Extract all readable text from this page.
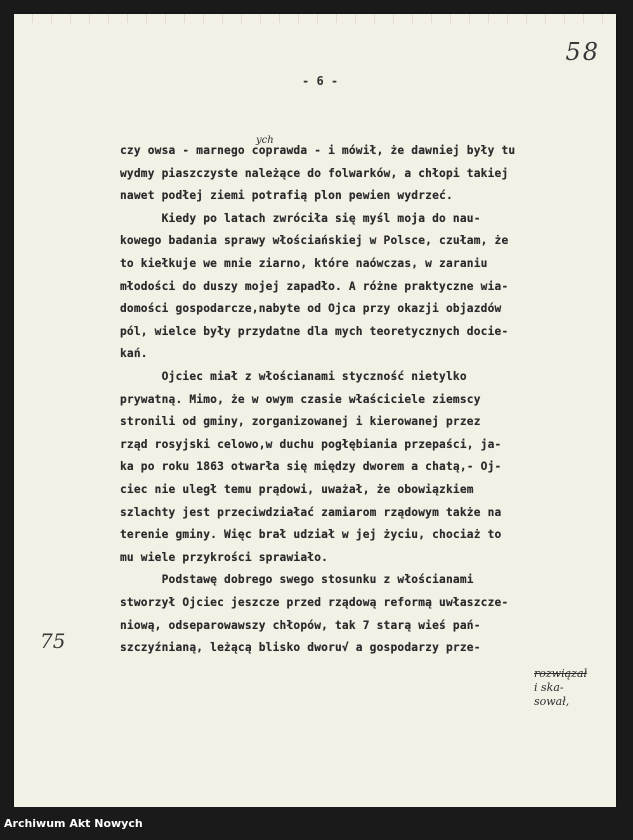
58
- 6 -
ych

czy owsa - marnego coprawda - i mówił, że dawniej były tu

wydmy piaszczyste należące do folwarków, a chłopi takiej

nawet podłej ziemi potrafią plon pewien wydrzeć.

Kiedy po latach zwróciła się myśl moja do nau-

kowego badania sprawy włościańskiej w Polsce, czułam, że

to kiełkuje we mnie ziarno, które naówczas, w zaraniu

młodości do duszy mojej zapadło. A różne praktyczne wia-

domości gospodarcze,nabyte od Ojca przy okazji objazdów

pól, wielce były przydatne dla mych teoretycznych docie-

kań.

Ojciec miał z włościanami styczność nietylko

prywatną. Mimo, że w owym czasie właściciele ziemscy

stronili od gminy, zorganizowanej i kierowanej przez

rząd rosyjski celowo,w duchu pogłębiania przepaści, ja-

ka po roku 1863 otwarła się między dworem a chatą,- Oj-

ciec nie uległ temu prądowi, uważał, że obowiązkiem

szlachty jest przeciwdziałać zamiarom rządowym także na

terenie gminy. Więc brał udział w jej życiu, chociaż to

mu wiele przykrości sprawiało.

Podstawę dobrego swego stosunku z włościanami

stworzył Ojciec jeszcze przed rządową reformą uwłaszcze-

niową, odseparowawszy chłopów, tak 7 starą wieś pań-

szczyźnianą, leżącą blisko dworu√ a gospodarzy prze-

75
rozwiązał i ska-
sował,
Archiwum Akt Nowych
